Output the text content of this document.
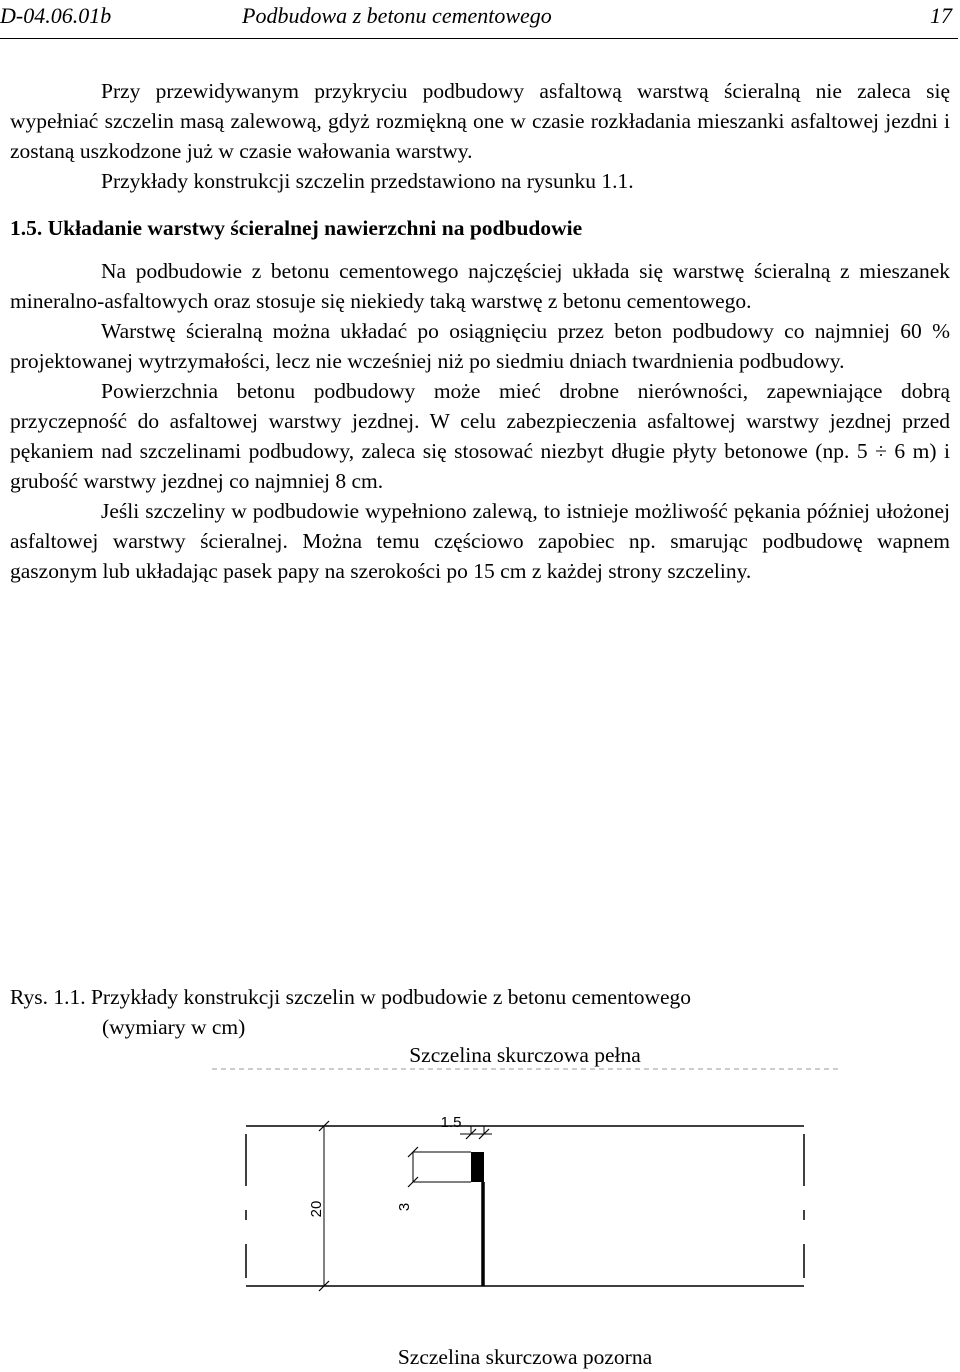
D-04.06.01b	Podbudowa z betonu cementowego	17

Przy przewidywanym przykryciu podbudowy asfaltową warstwą ścieralną nie zaleca się wypełniać szczelin masą zalewową, gdyż rozmiękną one w czasie rozkładania mieszanki asfaltowej jezdni i zostaną uszkodzone już w czasie wałowania warstwy.

Przykłady konstrukcji szczelin przedstawiono na rysunku 1.1.

1.5. Układanie warstwy ścieralnej nawierzchni na podbudowie

Na podbudowie z betonu cementowego najczęściej układa się warstwę ścieralną z mieszanek mineralno-asfaltowych oraz stosuje się niekiedy taką warstwę z betonu cementowego.

Warstwę ścieralną można układać po osiągnięciu przez beton podbudowy co najmniej 60 % projektowanej wytrzymałości, lecz nie wcześniej niż po siedmiu dniach twardnienia podbudowy.

Powierzchnia betonu podbudowy może mieć drobne nierówności, zapewniające dobrą przyczepność do asfaltowej warstwy jezdnej. W celu zabezpieczenia asfaltowej warstwy jezdnej przed pękaniem nad szczelinami podbudowy, zaleca się stosować niezbyt długie płyty betonowe (np. 5 ÷ 6 m) i grubość warstwy jezdnej co najmniej 8 cm.

Jeśli szczeliny w podbudowie wypełniono zalewą, to istnieje możliwość pękania później ułożonej asfaltowej warstwy ścieralnej. Można temu częściowo zapobiec np. smarując podbudowę wapnem gaszonym lub układając pasek papy na szerokości po 15 cm z każdej strony szczeliny.

Rys. 1.1. Przykłady konstrukcji szczelin w podbudowie z betonu cementowego
(wymiary w cm)
Szczelina skurczowa pełna
20	3
1.5
Szczelina skurczowa pozorna
